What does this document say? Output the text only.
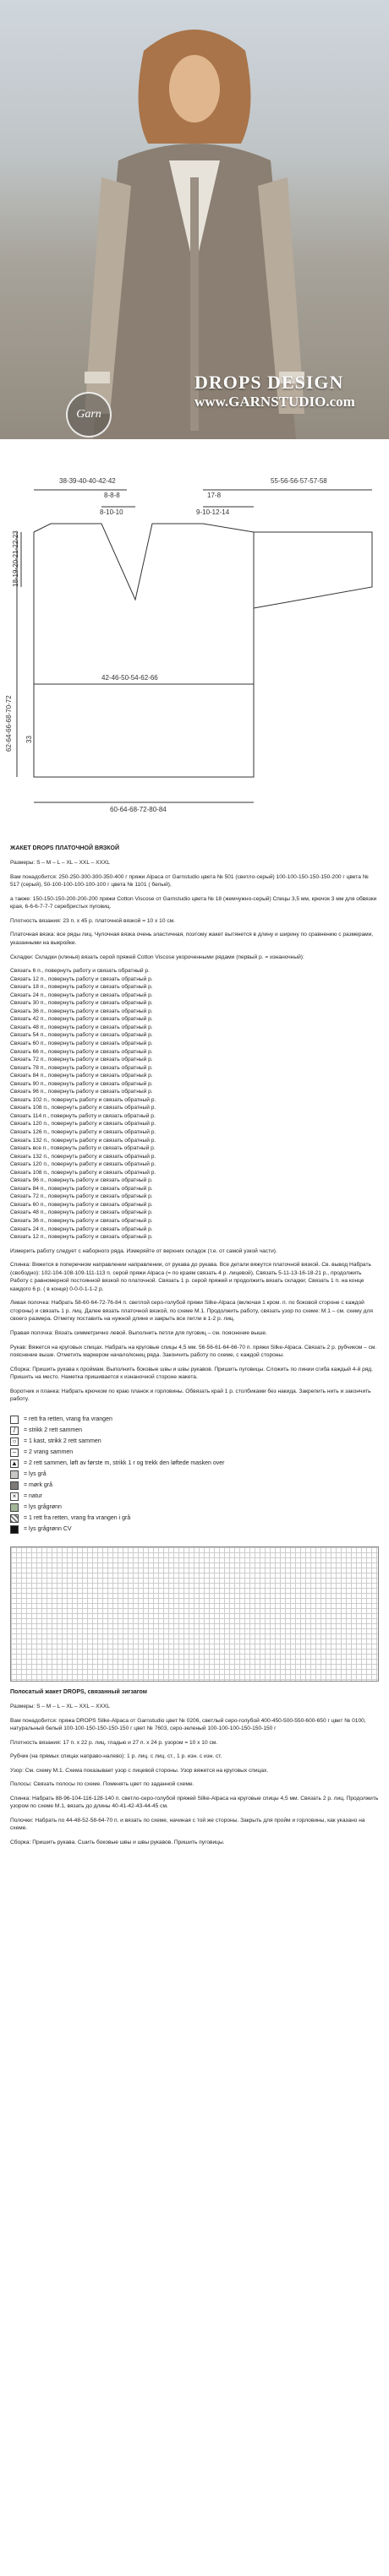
Garn
DROPS DESIGN
www.GARNSTUDIO.com
38-39-40-40-42-42
8-8-8
8-10-10
55-56-56-57-57-58
17-8
9-10-12-14
18-19-20-21-22-23
42-46-50-54-62-66
62-64-66-68-70-72 33
60-64-68-72-80-84

ЖАКЕТ DROPS ПЛАТОЧНОЙ ВЯЗКОЙ

Размеры: S – M – L – XL – XXL – XXXL

Вам понадобится: 250-250-300-300-350-400 г пряжи Alpaca от Garnstudio цвета № 501 (светло-серый) 100-100-150-150-150-200 г цвета № 517 (серый), 50-100-100-100-100-100 г цвета № 1101 ( белый),

а также: 150-150-150-200-200-200 пряжи Cotton Viscose от Garnstudio цвета № 18 (жемчужно-серый) Спицы 3,5 мм, крючок 3 мм для обвязки края, 6-6-6-7-7-7 серебристых пуговиц.

Плотность вязания: 23 п. х 45 р. платочной вязкой = 10 х 10 см.

Платочная вязка: все ряды лиц. Чулочная вязка очень эластичная, поэтому жакет вытянется в длину и ширину по сравнению с размерами, указанными на выкройке.

Складки: Складки (клинья) вязать серой пряжей Cotton Viscose укороченными рядами (первый р. = изнаночный):

Связать 6 п., повернуть работу и связать обратный р.
Связать 12 п., повернуть работу и связать обратный р.
Связать 18 п., повернуть работу и связать обратный р.
Связать 24 п., повернуть работу и связать обратный р.
Связать 30 п., повернуть работу и связать обратный р.
Связать 36 п., повернуть работу и связать обратный р.
Связать 42 п., повернуть работу и связать обратный р.
Связать 48 п., повернуть работу и связать обратный р.
Связать 54 п., повернуть работу и связать обратный р.
Связать 60 п., повернуть работу и связать обратный р.
Связать 66 п., повернуть работу и связать обратный р.
Связать 72 п., повернуть работу и связать обратный р.
Связать 78 п., повернуть работу и связать обратный р.
Связать 84 п., повернуть работу и связать обратный р.
Связать 90 п., повернуть работу и связать обратный р.
Связать 96 п., повернуть работу и связать обратный р.
Связать 102 п., повернуть работу и связать обратный р.
Связать 108 п., повернуть работу и связать обратный р.
Связать 114 п., повернуть работу и связать обратный р.
Связать 120 п., повернуть работу и связать обратный р.
Связать 126 п., повернуть работу и связать обратный р.
Связать 132 п., повернуть работу и связать обратный р.
Связать все п., повернуть работу и связать обратный р.
Связать 132 п., повернуть работу и связать обратный р.
Связать 120 п., повернуть работу и связать обратный р.
Связать 108 п., повернуть работу и связать обратный р.
Связать 96 п., повернуть работу и связать обратный р.
Связать 84 п., повернуть работу и связать обратный р.
Связать 72 п., повернуть работу и связать обратный р.
Связать 60 п., повернуть работу и связать обратный р.
Связать 48 п., повернуть работу и связать обратный р.
Связать 36 п., повернуть работу и связать обратный р.
Связать 24 п., повернуть работу и связать обратный р.
Связать 12 п., повернуть работу и связать обратный р.

Измерить работу следует с наборного ряда. Измеряйте от верхних складок (т.е. от самой узкой части).

Спинка: Вяжется в поперечном направлении направлении, от рукава до рукава. Все детали вяжутся платочной вязкой. Св. вывод Набрать (свободно): 102-104-108-109-111-113 п. серой пряжи Alpaca (= по краям связать 4 р. лицевой), Связать 5-11-13-16-18-21 р., продолжить Работу с равномерной постоянной вязкой по платочной. Связать 1 р. серой пряжей и продолжить вязать складки; Связать 1 п. на конце каждого 6 р. ( в конце) 0-0-0-1-1-2 р.

Левая полочка: Набрать 58-60-64-72-76-84 п. светлой серо-голубой пряжи Silke-Alpaca (включая 1 кром. п. по боковой стороне с каждой стороны) и связать 1 р. лиц. Далее вязать платочной вязкой, по схеме М.1. Продолжить работу, связать узор по схеме: М.1 – см. схему для своего размера. Отметку поставить на нужной длине и закрыть все петли в 1-2 р. лиц.

Правая полочка: Вязать симметрично левой. Выполнить петли для пуговиц – см. пояснение выше.

Рукав: Вяжется на круговых спицах. Набрать на круговые спицы 4,5 мм. 56-56-61-64-66-70 п. пряжи Silke-Alpaca. Связать 2 р. рубчиком – см. пояснение выше. Отметить маркером начало/конец ряда. Закончить работу по схеме, с каждой стороны.

Сборка: Пришить рукава к проймам. Выполнить боковые швы и швы рукавов. Пришить пуговицы. Сложить по линии сгиба каждый 4-й ряд. Пришить на место. Наметка пришивается к изнаночной стороне жакета.

Воротник и планка: Набрать крючком по краю планок и горловины. Обвязать край 1 р. столбиками без накида. Закрепить нить и закончить работу.

= rett fra retten, vrang fra vrangen
/	= strikk 2 rett sammen
○	= 1 kast, strikk 2 rett sammen
–	= 2 vrang sammen
▲ = 2 rett sammen, løft av første m, strikk 1 r og trekk den løftede masken over
= lys grå
= mørk grå
×	= natur
= lys grågrønn
= 1 rett fra retten, vrang fra vrangen i grå
= lys grågrønn CV

Полосатый жакет DROPS, связанный зигзагом

Размеры: S – M – L – XL – XXL – XXXL

Вам понадобится: пряжа DROPS Silke-Alpaca от Garnstudio цвет № 0206, светлый серо-голубой 400-450-500-550-600-650 г цвет № 0100, натуральный белый 100-100-150-150-150-150 г цвет № 7603, серо-зеленый 100-100-100-150-150-150 г

Плотность вязания: 17 п. х 22 р. лиц. гладью и 27 п. х 24 р. узором = 10 х 10 см.

Рубчик (на прямых спицах направо-налево): 1 р. лиц. с лиц. ст., 1 р. изн. с изн. ст.

Узор: См. схему М.1. Схема показывает узор с лицевой стороны. Узор вяжется на круговых спицах.

Полосы: Связать полосы по схеме. Поменять цвет по заданной схеме.

Спинка: Набрать 88-96-104-116-128-140 п. светло-серо-голубой пряжей Silke-Alpaca на круговые спицы 4,5 мм. Связать 2 р. лиц. Продолжить узором по схеме М.1, вязать до длины 40-41-42-43-44-45 см.

Полочки: Набрать по 44-48-52-58-64-70 п. и вязать по схеме, начиная с той же стороны. Закрыть для пройм и горловины, как указано на схеме.

Сборка: Пришить рукава. Сшить боковые швы и швы рукавов. Пришить пуговицы.
